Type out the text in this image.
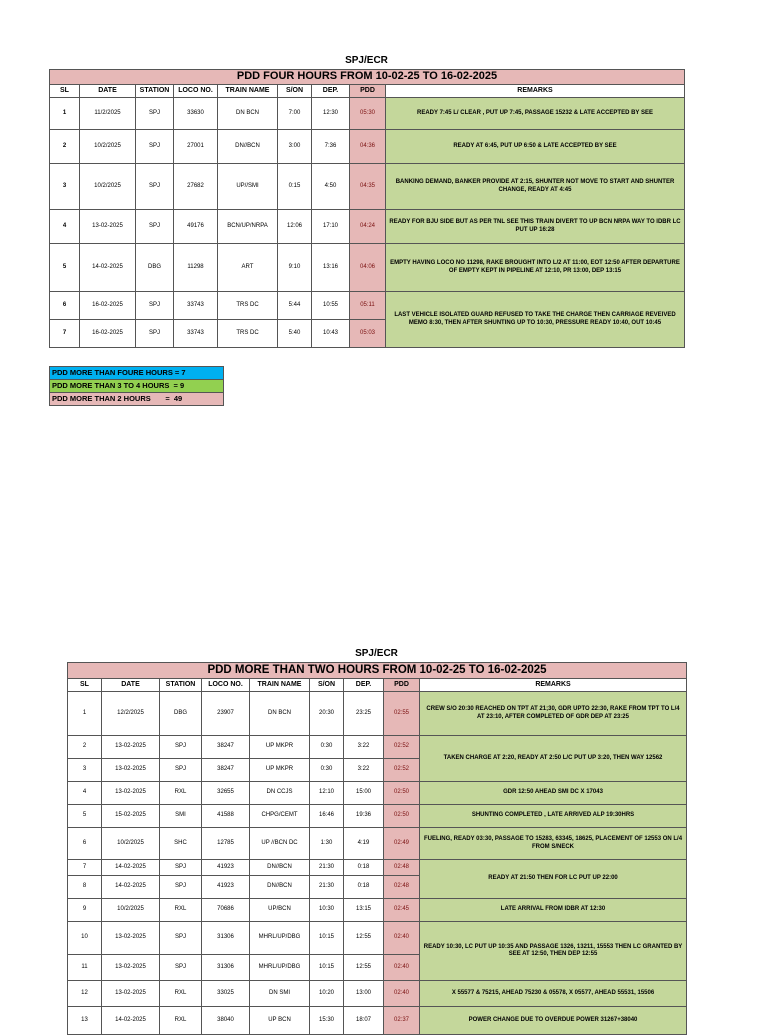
SPJ/ECR
PDD FOUR HOURS FROM 10-02-25 TO 16-02-2025								
SL	DATE	STATION	LOCO NO.	TRAIN NAME	S/ON	DEP.	PDD	REMARKS
1	11/2/2025	SPJ	33630	DN BCN	7:00	12:30	05:30	READY 7:45 L/ CLEAR , PUT UP 7:45, PASSAGE 15232 & LATE ACCEPTED BY SEE
2	10/2/2025	SPJ	27001	DN//BCN	3:00	7:36	04:36	READY AT 6:45, PUT UP 6:50 & LATE ACCEPTED BY SEE
3	10/2/2025	SPJ	27682	UP//SMI	0:15	4:50	04:35	BANKING DEMAND, BANKER PROVIDE AT 2:15, SHUNTER NOT MOVE TO START AND SHUNTER CHANGE, READY AT 4:45
4	13-02-2025	SPJ	49176	BCN/UP/NRPA	12:06	17:10	04:24	READY FOR BJU SIDE BUT AS PER TNL SEE THIS TRAIN DIVERT TO UP BCN NRPA WAY TO IDBR LC PUT UP 16:28
5	14-02-2025	DBG	11298	ART	9:10	13:16	04:06	EMPTY HAVING LOCO NO 11298, RAKE BROUGHT INTO L/2 AT 11:00, EOT 12:50 AFTER DEPARTURE OF EMPTY KEPT IN PIPELINE AT 12:10, PR 13:00, DEP 13:15
6	16-02-2025	SPJ	33743	TRS DC	5:44	10:55	05:11	LAST VEHICLE ISOLATED GUARD REFUSED TO TAKE THE CHARGE THEN CARRIAGE REVEIVED MEMO 8:30, THEN AFTER SHUNTING UP TO 10:30, PRESSURE READY 10:40, OUT 10:45
7	16-02-2025	SPJ	33743	TRS DC	5:40	10:43	05:03	
PDD MORE THAN FOURE HOURS = 7
PDD MORE THAN 3 TO 4 HOURS  = 9
PDD MORE THAN 2 HOURS       =  49
SPJ/ECR
PDD MORE THAN TWO HOURS FROM 10-02-25 TO 16-02-2025								
SL	DATE	STATION	LOCO NO.	TRAIN NAME	S/ON	DEP.	PDD	REMARKS
1	12/2/2025	DBG	23907	DN BCN	20:30	23:25	02:55	CREW S/O 20:30 REACHED ON TPT AT 21;30, GDR UPTO 22:30, RAKE FROM TPT TO L/4 AT 23:10, AFTER COMPLETED OF GDR DEP AT 23:25
2	13-02-2025	SPJ	38247	UP MKPR	0:30	3:22	02:52	TAKEN CHARGE AT 2:20, READY AT 2:50 L/C PUT UP 3:20, THEN WAY 12562
3	13-02-2025	SPJ	38247	UP MKPR	0:30	3:22	02:52	
4	13-02-2025	RXL	32655	DN CCJS	12:10	15:00	02:50	GDR 12:50 AHEAD SMI DC X 17043
5	15-02-2025	SMI	41588	CHPG/CEMT	16:46	19:36	02:50	SHUNTING COMPLETED , LATE ARRIVED ALP 19:30HRS
6	10/2/2025	SHC	12785	UP //BCN DC	1:30	4:19	02:49	FUELING, READY 03:30, PASSAGE TO 15283, 63345, 18625, PLACEMENT OF 12553 ON L/4 FROM S/NECK
7	14-02-2025	SPJ	41923	DN//BCN	21:30	0:18	02:48	READY AT 21:50 THEN FOR LC PUT UP 22:00
8	14-02-2025	SPJ	41923	DN//BCN	21:30	0:18	02:48	
9	10/2/2025	RXL	70686	UP/BCN	10:30	13:15	02:45	LATE ARRIVAL FROM IDBR AT 12:30
10	13-02-2025	SPJ	31306	MHRL/UP/DBG	10:15	12:55	02:40	READY 10:30, LC PUT UP 10:35 AND PASSAGE 1326, 13211, 15553 THEN LC GRANTED BY SEE AT 12:50, THEN DEP 12:55
11	13-02-2025	SPJ	31306	MHRL/UP/DBG	10:15	12:55	02:40	
12	13-02-2025	RXL	33025	DN SMI	10:20	13:00	02:40	X 55577 & 75215, AHEAD 75230 & 05578, X 05577, AHEAD 55531, 15506
13	14-02-2025	RXL	38040	UP BCN	15:30	18:07	02:37	POWER CHANGE DUE TO OVERDUE POWER 31267+38040
